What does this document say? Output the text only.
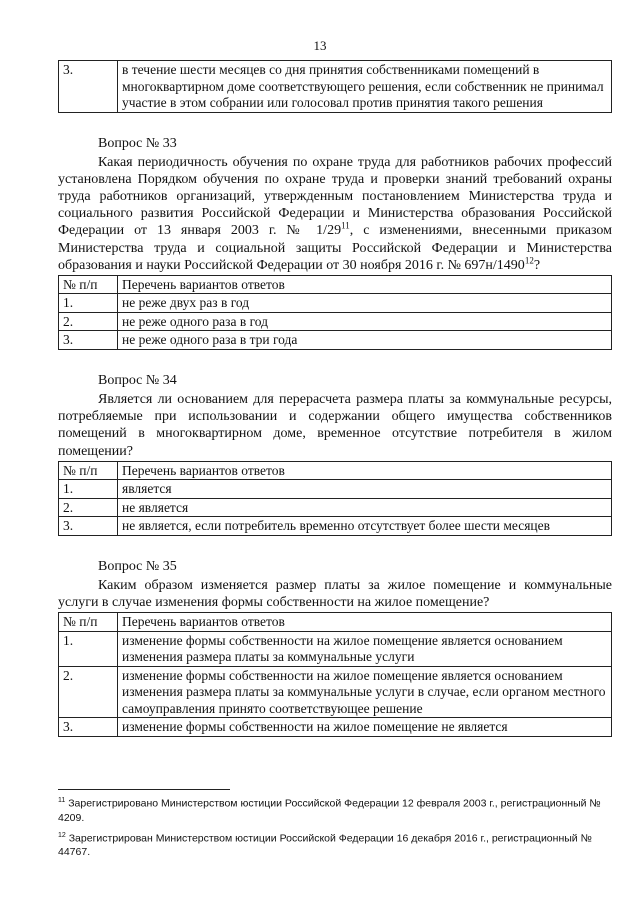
13
3.	в течение шести месяцев со дня принятия собственниками помещений в многоквартирном доме соответствующего решения, если собственник не принимал участие в этом собрании или голосовал против принятия такого решения
Вопрос № 33

Какая периодичность обучения по охране труда для работников рабочих профессий установлена Порядком обучения по охране труда и проверки знаний требований охраны труда работников организаций, утвержденным постановлением Министерства труда и социального развития Российской Федерации и Министерства образования Российской Федерации от 13 января 2003 г. № $1/29^{11}$, с изменениями, внесенными приказом Министерства труда и социальной защиты Российской Федерации и Министерства образования и науки Российской Федерации от 30 ноября 2016 г. № 697н/1490$^{12}$?

№ п/п	Перечень вариантов ответов
1.	не реже двух раз в год
2.	не реже одного раза в год
3.	не реже одного раза в три года
Вопрос № 34

Является ли основанием для перерасчета размера платы за коммунальные ресурсы, потребляемые при использовании и содержании общего имущества собственников помещений в многоквартирном доме, временное отсутствие потребителя в жилом помещении?

№ п/п	Перечень вариантов ответов
1.	является
2.	не является
3.	не является, если потребитель временно отсутствует более шести месяцев
Вопрос № 35

Каким образом изменяется размер платы за жилое помещение и коммунальные услуги в случае изменения формы собственности на жилое помещение?

№ п/п	Перечень вариантов ответов
1.	изменение формы собственности на жилое помещение является основанием изменения размера платы за коммунальные услуги
2.	изменение формы собственности на жилое помещение является основанием изменения размера платы за коммунальные услуги в случае, если органом местного самоуправления принято соответствующее решение
3.	изменение формы собственности на жилое помещение не является

$^{11}$ Зарегистрировано Министерством юстиции Российской Федерации 12 февраля 2003 г., регистрационный № 4209.

$^{12}$ Зарегистрирован Министерством юстиции Российской Федерации 16 декабря 2016 г., регистрационный № 44767.
